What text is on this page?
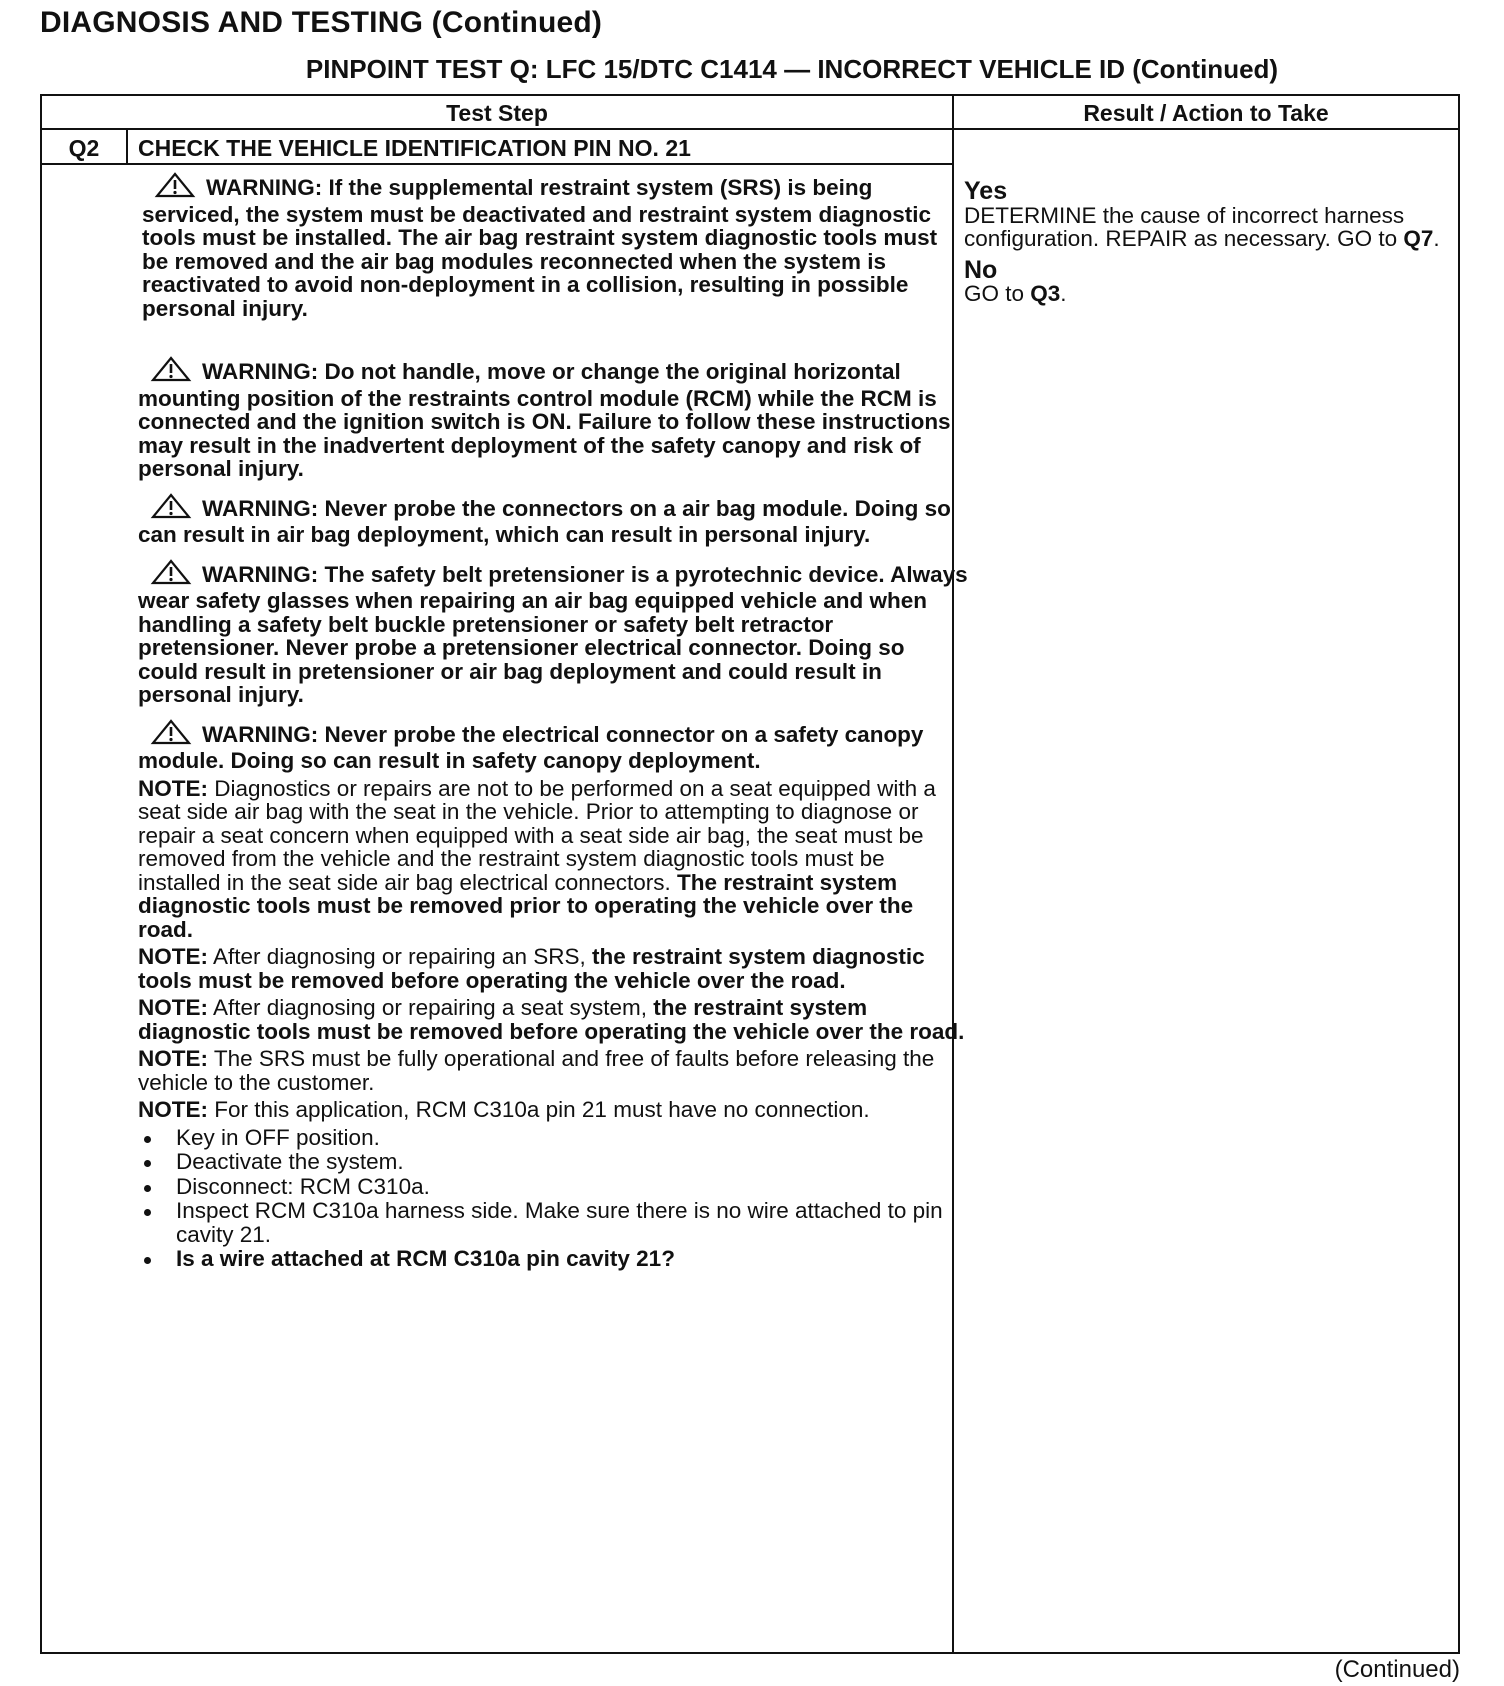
DIAGNOSIS AND TESTING (Continued)
PINPOINT TEST Q: LFC 15/DTC C1414 — INCORRECT VEHICLE ID (Continued)
Test Step	Result / Action to Take
Q2	CHECK THE VEHICLE IDENTIFICATION PIN NO. 21

WARNING: If the supplemental restraint system (SRS) is being serviced, the system must be deactivated and restraint system diagnostic tools must be installed. The air bag restraint system diagnostic tools must be removed and the air bag modules reconnected when the system is reactivated to avoid non-deployment in a collision, resulting in possible personal injury.

WARNING: Do not handle, move or change the original horizontal mounting position of the restraints control module (RCM) while the RCM is connected and the ignition switch is ON. Failure to follow these instructions may result in the inadvertent deployment of the safety canopy and risk of personal injury.

WARNING: Never probe the connectors on a air bag module. Doing so can result in air bag deployment, which can result in personal injury.

WARNING: The safety belt pretensioner is a pyrotechnic device. Always wear safety glasses when repairing an air bag equipped vehicle and when handling a safety belt buckle pretensioner or safety belt retractor pretensioner. Never probe a pretensioner electrical connector. Doing so could result in pretensioner or air bag deployment and could result in personal injury.

WARNING: Never probe the electrical connector on a safety canopy module. Doing so can result in safety canopy deployment.

NOTE: Diagnostics or repairs are not to be performed on a seat equipped with a seat side air bag with the seat in the vehicle. Prior to attempting to diagnose or repair a seat concern when equipped with a seat side air bag, the seat must be removed from the vehicle and the restraint system diagnostic tools must be installed in the seat side air bag electrical connectors. The restraint system diagnostic tools must be removed prior to operating the vehicle over the road.

NOTE: After diagnosing or repairing an SRS, the restraint system diagnostic tools must be removed before operating the vehicle over the road.

NOTE: After diagnosing or repairing a seat system, the restraint system diagnostic tools must be removed before operating the vehicle over the road.

NOTE: The SRS must be fully operational and free of faults before releasing the vehicle to the customer.

NOTE: For this application, RCM C310a pin 21 must have no connection.

Key in OFF position.
Deactivate the system.
Disconnect: RCM C310a.
Inspect RCM C310a harness side. Make sure there is no wire attached to pin cavity 21.
Is a wire attached at RCM C310a pin cavity 21?

Yes

DETERMINE the cause of incorrect harness configuration. REPAIR as necessary. GO to Q7.

No

GO to Q3.

(Continued)
